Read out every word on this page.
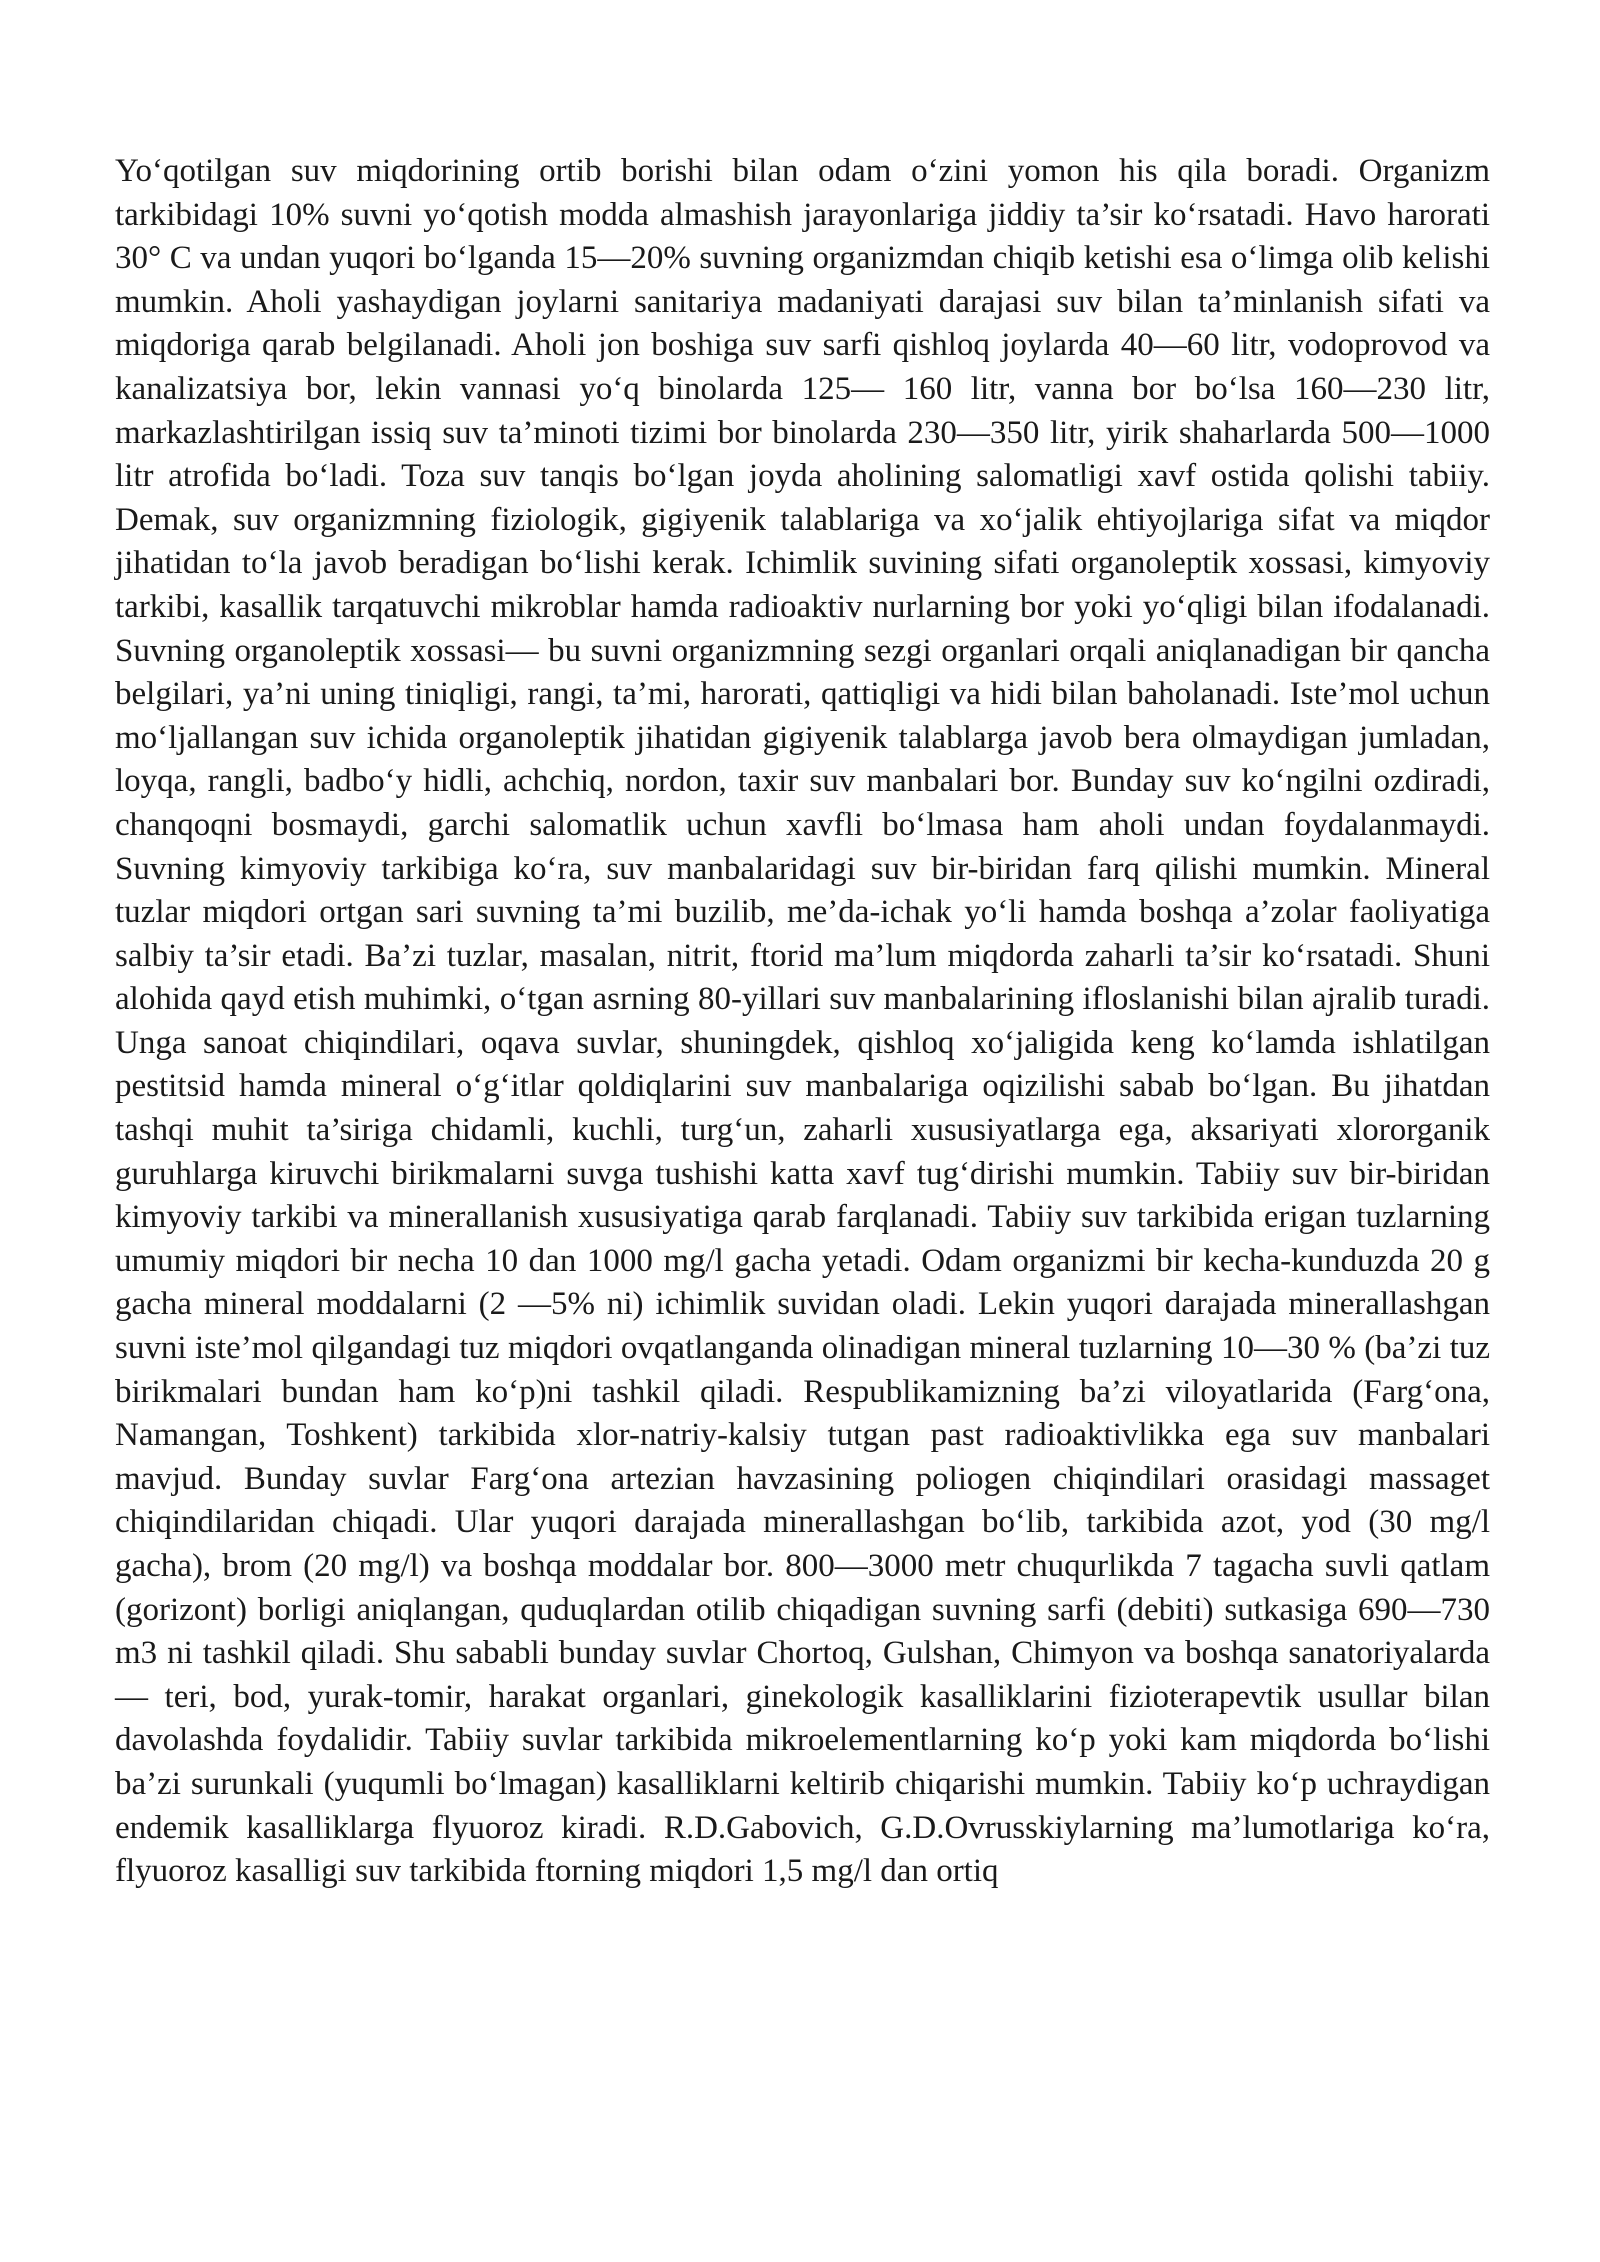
Yo‘qotilgan suv miqdorining ortib borishi bilan odam o‘zini yomon his qila boradi. Organizm tarkibidagi 10% suvni yo‘qotish modda almashish jarayonlariga jiddiy ta’sir ko‘rsatadi. Havo harorati 30° C va undan yuqori bo‘lganda 15—20% suvning organizmdan chiqib ketishi esa o‘limga olib kelishi mumkin. Aholi yashaydigan joylarni sanitariya madaniyati darajasi suv bilan ta’minlanish sifati va miqdoriga qarab belgilanadi. Aholi jon boshiga suv sarfi qishloq joylarda 40—60 litr, vodoprovod va kanalizatsiya bor, lekin vannasi yo‘q binolarda 125— 160 litr, vanna bor bo‘lsa 160—230 litr, markazlashtirilgan issiq suv ta’minoti tizimi bor binolarda 230—350 litr, yirik shaharlarda 500—1000 litr atrofida bo‘ladi. Toza suv tanqis bo‘lgan joyda aholining salomatligi xavf ostida qolishi tabiiy. Demak, suv organizmning fiziologik, gigiyenik talablariga va xo‘jalik ehtiyojlariga sifat va miqdor jihatidan to‘la javob beradigan bo‘lishi kerak. Ichimlik suvining sifati organoleptik xossasi, kimyoviy tarkibi, kasallik tarqatuvchi mikroblar hamda radioaktiv nurlarning bor yoki yo‘qligi bilan ifodalanadi. Suvning organoleptik xossasi— bu suvni organizmning sezgi organlari orqali aniqlanadigan bir qancha belgilari, ya’ni uning tiniqligi, rangi, ta’mi, harorati, qattiqligi va hidi bilan baholanadi. Iste’mol uchun mo‘ljallangan suv ichida organoleptik jihatidan gigiyenik talablarga javob bera olmaydigan jumladan, loyqa, rangli, badbo‘y hidli, achchiq, nordon, taxir suv manbalari bor. Bunday suv ko‘ngilni ozdiradi, chanqoqni bosmaydi, garchi salomatlik uchun xavfli bo‘lmasa ham aholi undan foydalanmaydi. Suvning kimyoviy tarkibiga ko‘ra, suv manbalaridagi suv bir-biridan farq qilishi mumkin. Mineral tuzlar miqdori ortgan sari suvning ta’mi buzilib, me’da-ichak yo‘li hamda boshqa a’zolar faoliyatiga salbiy ta’sir etadi. Ba’zi tuzlar, masalan, nitrit, ftorid ma’lum miqdorda zaharli ta’sir ko‘rsatadi. Shuni alohida qayd etish muhimki, o‘tgan asrning 80-yillari suv manbalarining ifloslanishi bilan ajralib turadi. Unga sanoat chiqindilari, oqava suvlar, shuningdek, qishloq xo‘jaligida keng ko‘lamda ishlatilgan pestitsid hamda mineral o‘g‘itlar qoldiqlarini suv manbalariga oqizilishi sabab bo‘lgan. Bu jihatdan tashqi muhit ta’siriga chidamli, kuchli, turg‘un, zaharli xususiyatlarga ega, aksariyati xlororganik guruhlarga kiruvchi birikmalarni suvga tushishi katta xavf tug‘dirishi mumkin. Tabiiy suv bir-biridan kimyoviy tarkibi va minerallanish xususiyatiga qarab farqlanadi. Tabiiy suv tarkibida erigan tuzlarning umumiy miqdori bir necha 10 dan 1000 mg/l gacha yetadi. Odam organizmi bir kecha-kunduzda 20 g gacha mineral moddalarni (2 —5% ni) ichimlik suvidan oladi. Lekin yuqori darajada minerallashgan suvni iste’mol qilgandagi tuz miqdori ovqatlanganda olinadigan mineral tuzlarning 10—30 % (ba’zi tuz birikmalari bundan ham ko‘p)ni tashkil qiladi. Respublikamizning ba’zi viloyatlarida (Farg‘ona, Namangan, Toshkent) tarkibida xlor-natriy-kalsiy tutgan past radioaktivlikka ega suv manbalari mavjud. Bunday suvlar Farg‘ona artezian havzasining poliogen chiqindilari orasidagi massaget chiqindilaridan chiqadi. Ular yuqori darajada minerallashgan bo‘lib, tarkibida azot, yod (30 mg/l gacha), brom (20 mg/l) va boshqa moddalar bor. 800—3000 metr chuqurlikda 7 tagacha suvli qatlam (gorizont) borligi aniqlangan, quduqlardan otilib chiqadigan suvning sarfi (debiti) sutkasiga 690—730 m3 ni tashkil qiladi. Shu sababli bunday suvlar Chortoq, Gulshan, Chimyon va boshqa sanatoriyalarda — teri, bod, yurak-tomir, harakat organlari, ginekologik kasalliklarini fizioterapevtik usullar bilan davolashda foydalidir. Tabiiy suvlar tarkibida mikroelementlarning ko‘p yoki kam miqdorda bo‘lishi ba’zi surunkali (yuqumli bo‘lmagan) kasalliklarni keltirib chiqarishi mumkin. Tabiiy ko‘p uchraydigan endemik kasalliklarga flyuoroz kiradi. R.D.Gabovich, G.D.Ovrusskiylarning ma’lumotlariga ko‘ra, flyuoroz kasalligi suv tarkibida ftorning miqdori 1,5 mg/l dan ortiq
